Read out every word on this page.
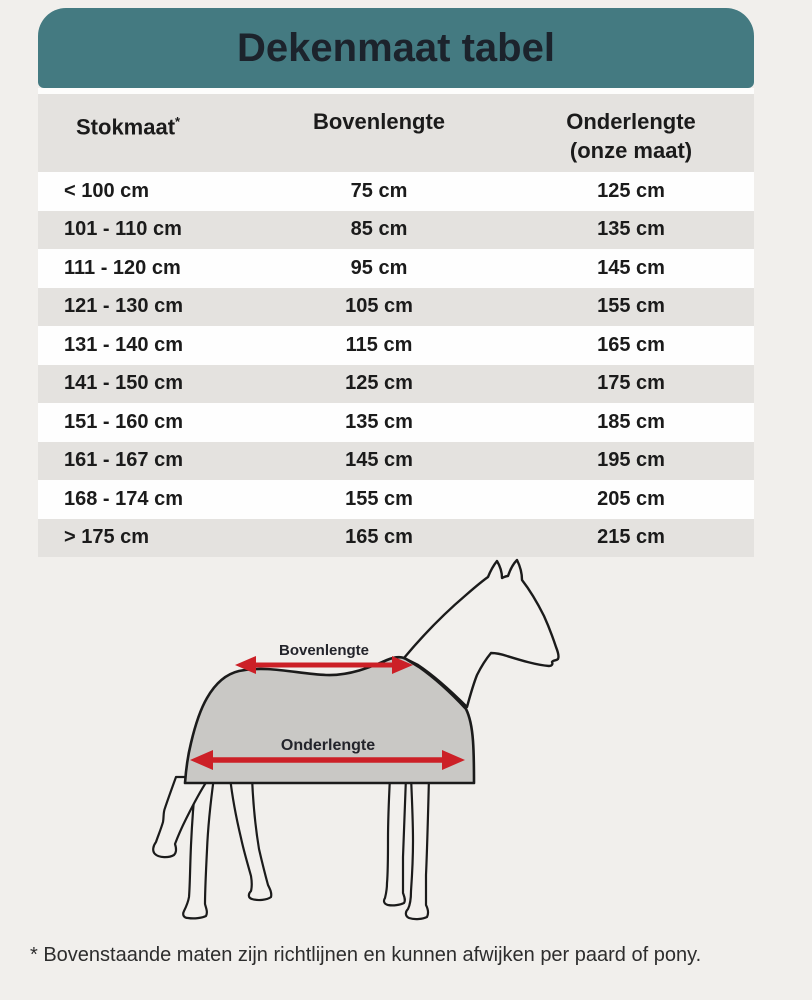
Dekenmaat tabel
Stokmaat*	Bovenlengte	Onderlengte
(onze maat)
< 100 cm	75 cm	125 cm
101 - 110 cm	85 cm	135 cm
111 - 120 cm	95 cm	145 cm
121 - 130 cm	105 cm	155 cm
131 - 140 cm	115 cm	165 cm
141 - 150 cm	125 cm	175 cm
151 - 160 cm	135 cm	185 cm
161 - 167 cm	145 cm	195 cm
168 - 174 cm	155 cm	205 cm
> 175 cm	165 cm	215 cm
Bovenlengte
Onderlengte
* Bovenstaande maten zijn richtlijnen en kunnen afwijken per paard of pony.
